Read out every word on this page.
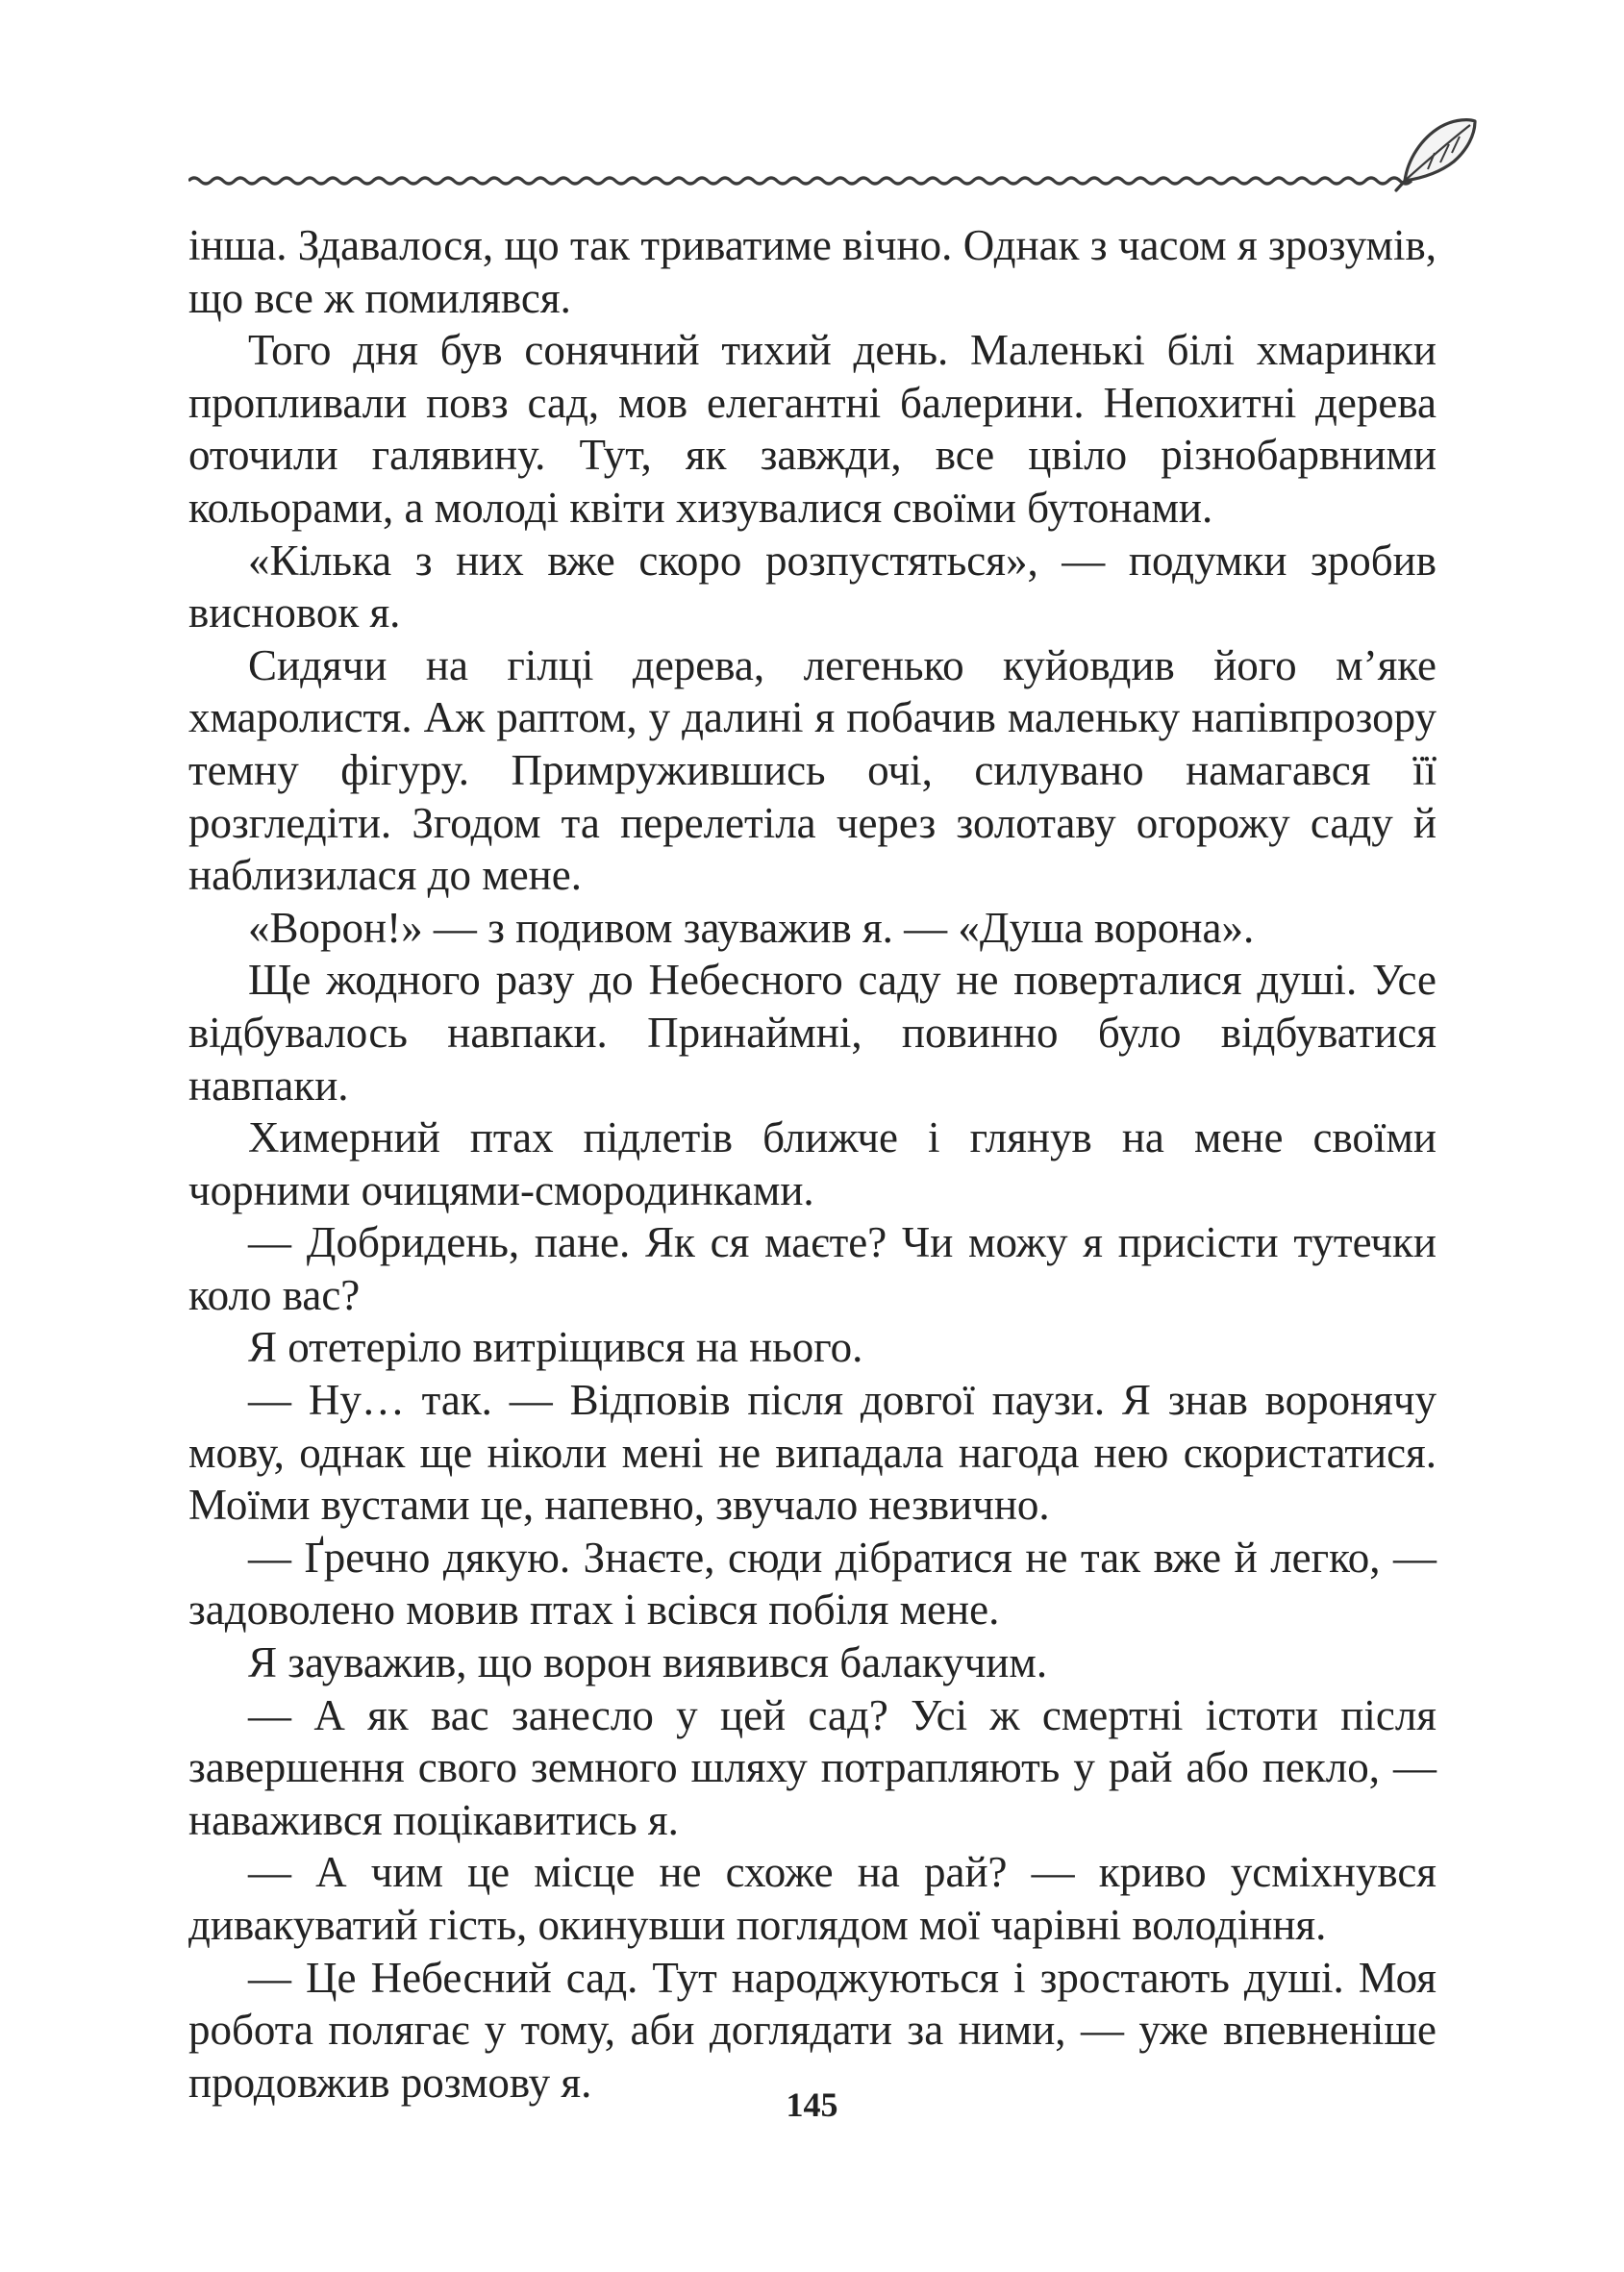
інша. Здавалося, що так триватиме вічно. Однак з часом я зрозумів, що все ж помилявся.

Того дня був сонячний тихий день. Маленькі білі хмаринки пропливали повз сад, мов елегантні балерини. Непохитні дерева оточили галявину. Тут, як завжди, все цвіло різнобарвними кольорами, а молоді квіти хизувалися своїми бутонами.

«Кілька з них вже скоро розпустяться», — подумки зробив висновок я.

Сидячи на гілці дерева, легенько куйовдив його м’яке хмаролистя. Аж раптом, у далині я побачив маленьку напівпрозору темну фігуру. Примружившись очі, силувано намагався її розгледіти. Згодом та перелетіла через золотаву огорожу саду й наблизилася до мене.

«Ворон!» — з подивом зауважив я. — «Душа ворона».

Ще жодного разу до Небесного саду не поверталися душі. Усе відбувалось навпаки. Принаймні, повинно було відбуватися навпаки.

Химерний птах підлетів ближче і глянув на мене своїми чорними очицями-смородинками.

— Добридень, пане. Як ся маєте? Чи можу я присісти тутечки коло вас?

Я отетеріло витріщився на нього.

— Ну… так. — Відповів після довгої паузи. Я знав воронячу мову, однак ще ніколи мені не випадала нагода нею скористатися. Моїми вустами це, напевно, звучало незвично.

— Ґречно дякую. Знаєте, сюди дібратися не так вже й легко, — задоволено мовив птах і всівся побіля мене.

Я зауважив, що ворон виявився балакучим.

— А як вас занесло у цей сад? Усі ж смертні істоти після завершення свого земного шляху потрапляють у рай або пекло, — наважився поцікавитись я.

— А чим це місце не схоже на рай? — криво усміхнувся дивакуватий гість, окинувши поглядом мої чарівні володіння.

— Це Небесний сад. Тут народжуються і зростають душі. Моя робота полягає у тому, аби доглядати за ними, — уже впевненіше продовжив розмову я.	145
